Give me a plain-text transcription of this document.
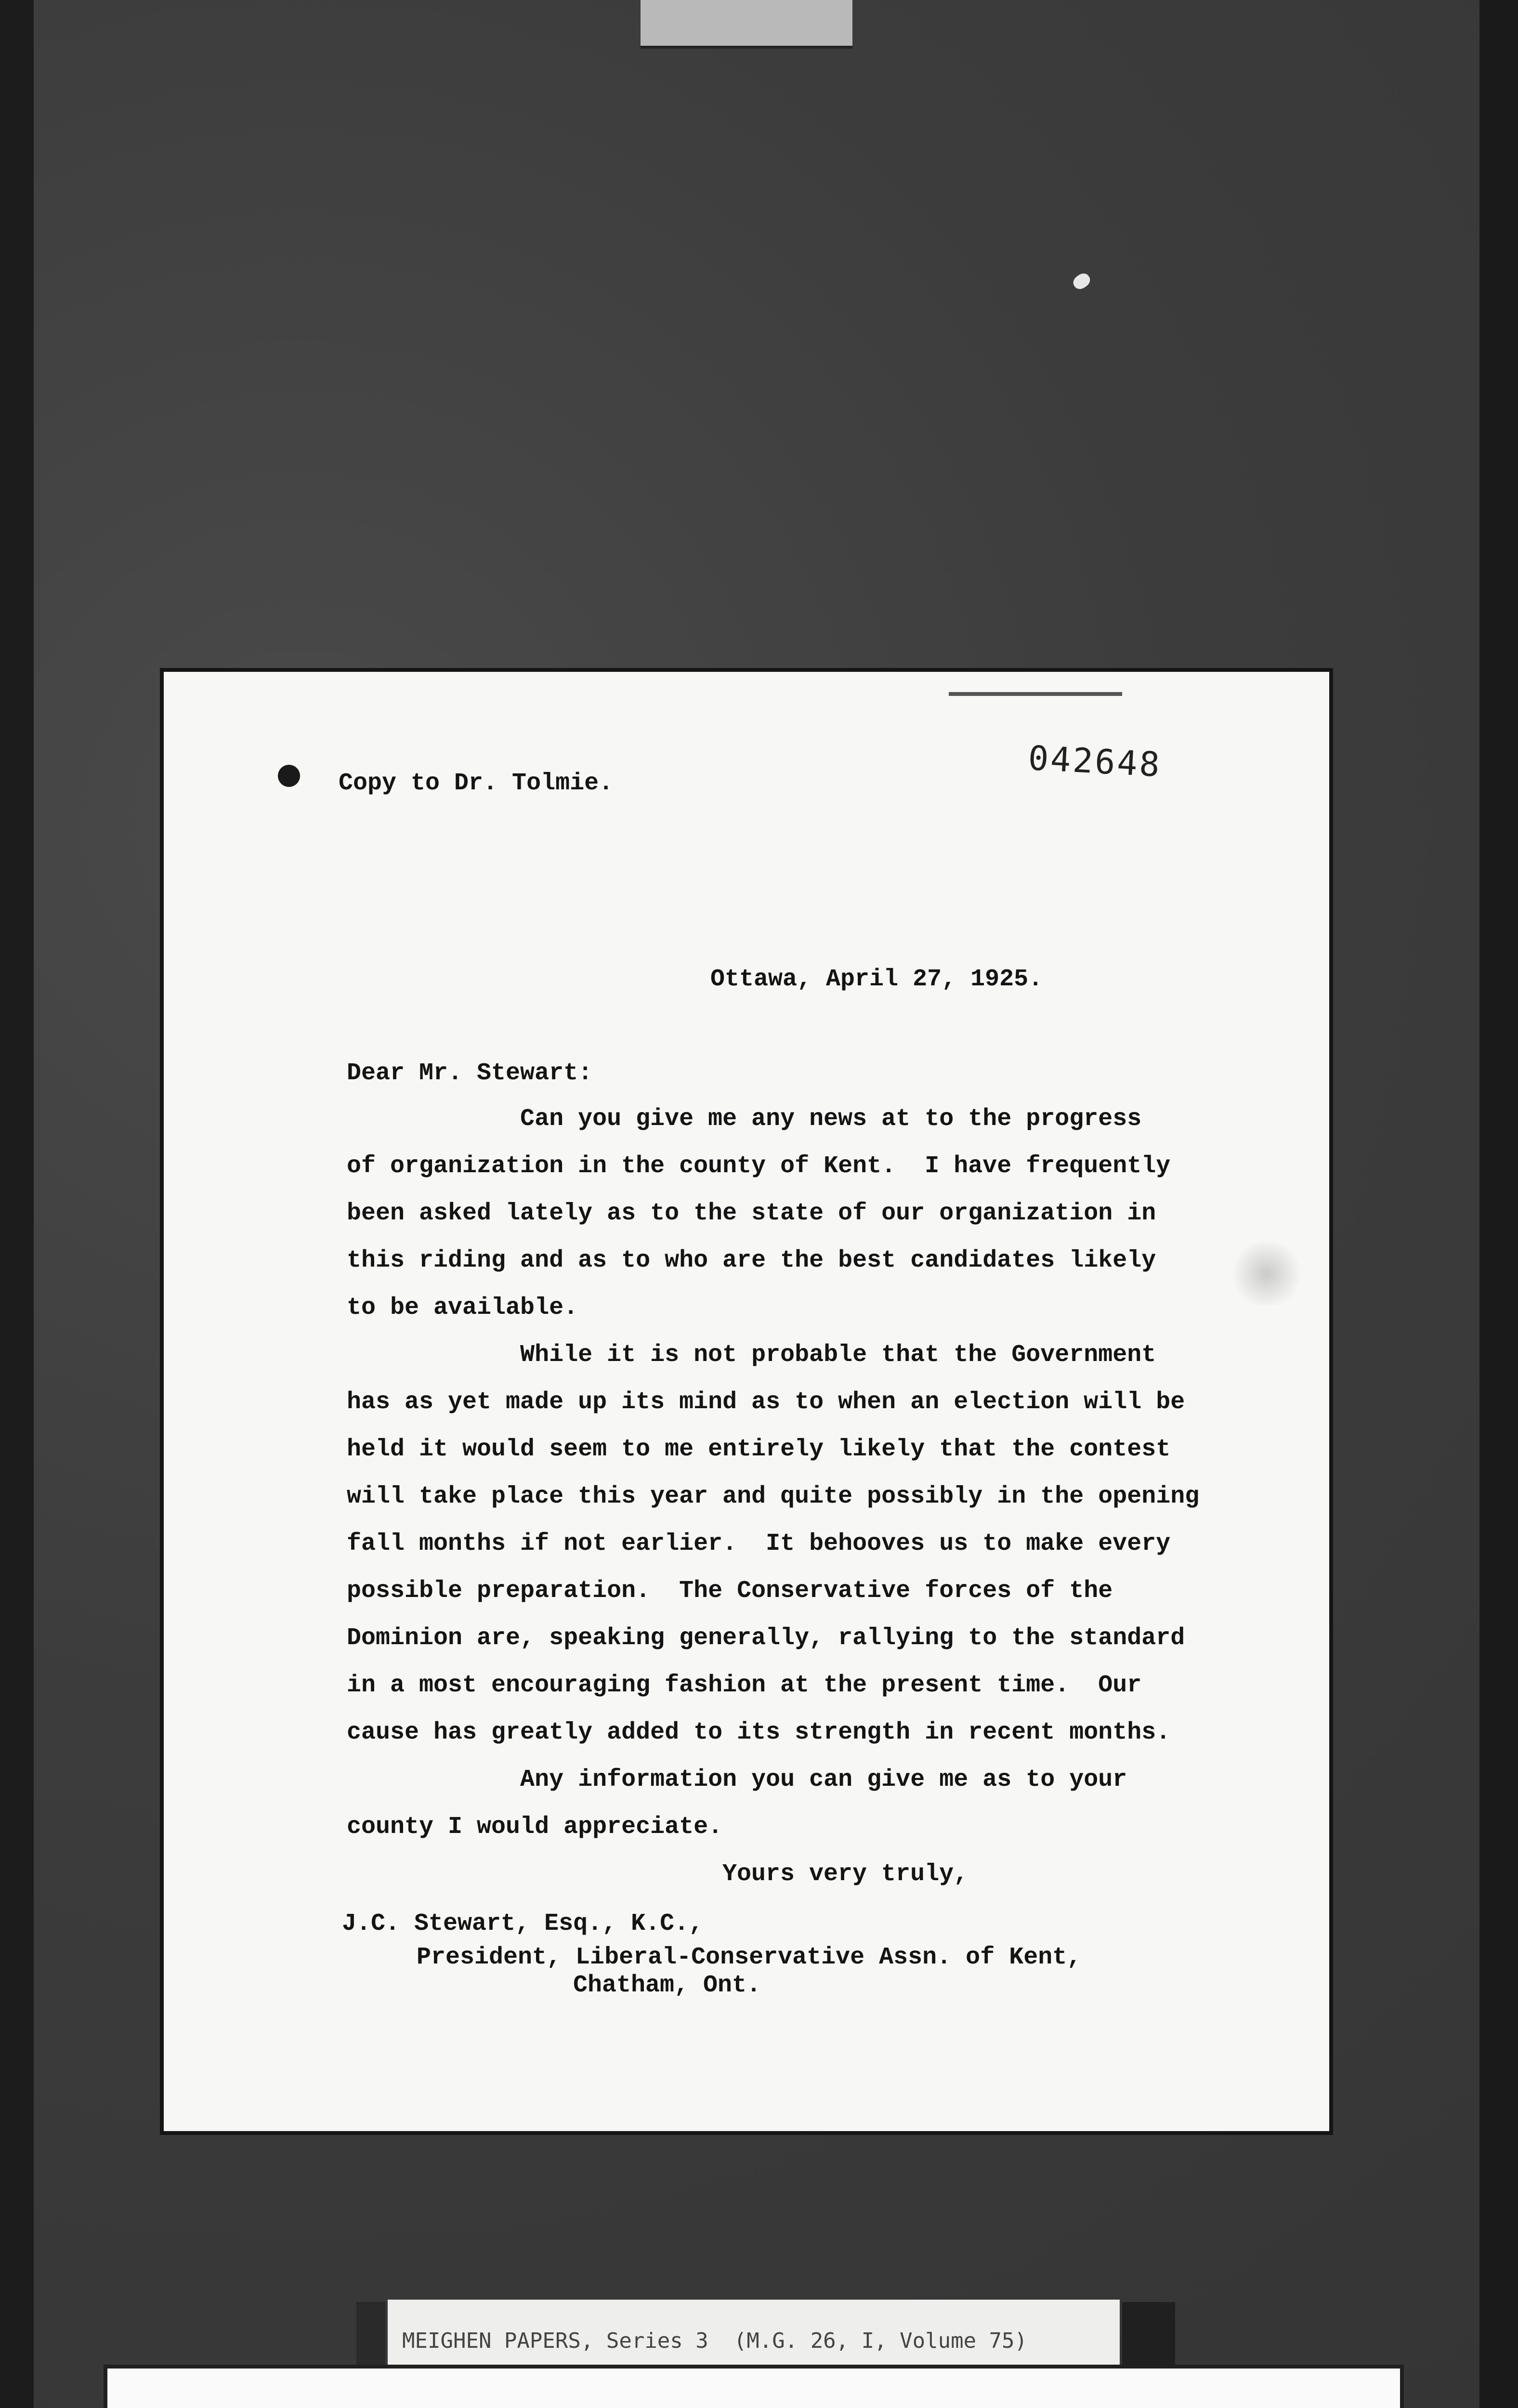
Copy to Dr. Tolmie.	042648
Ottawa, April 27, 1925.
Dear Mr. Stewart:
Can you give me any news at to the progress
of organization in the county of Kent.  I have frequently
been asked lately as to the state of our organization in
this riding and as to who are the best candidates likely
to be available.
While it is not probable that the Government
has as yet made up its mind as to when an election will be
held it would seem to me entirely likely that the contest
will take place this year and quite possibly in the opening
fall months if not earlier.  It behooves us to make every
possible preparation.  The Conservative forces of the
Dominion are, speaking generally, rallying to the standard
in a most encouraging fashion at the present time.  Our
cause has greatly added to its strength in recent months.
Any information you can give me as to your
county I would appreciate.
Yours very truly,
J.C. Stewart, Esq., K.C.,
President, Liberal-Conservative Assn. of Kent,
Chatham, Ont.
MEIGHEN PAPERS, Series 3  (M.G. 26, I, Volume 75)
